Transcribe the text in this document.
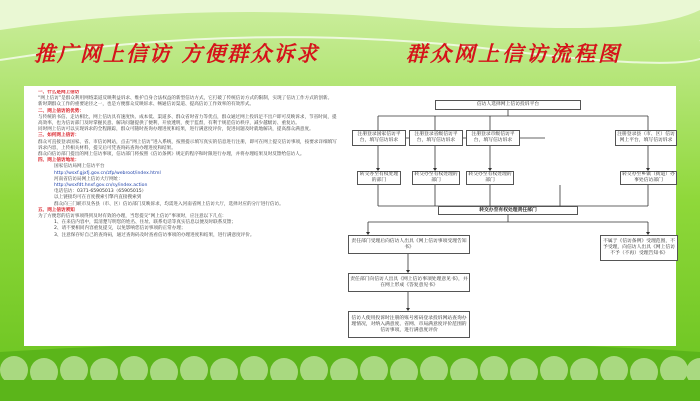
推广网上信访 方便群众诉求	群众网上信访流程图

一、什么是网上信访

“网上信访”是群众利用网络渠道反映利益诉求、维护自身合法权益的新型信访方式，它打破了传统信访方式的限制，实现了信访工作方式的创新。

新时期群众工作的重要途径之一，也是方便群众反映诉求、畅通信访渠道、提高信访工作效率的有效形式。

二、网上信访的优势：

与传统的书信、走访相比，网上信访具有速度快、成本低、渠道多、群众省时省力等优点，群众通过网上投诉足不出户即可反映诉求，节省时间，提高效率，也为信访部门及时掌握民意、解决问题提供了便利，开放透明，便于监督，有利于规范信访秩序，减少越级访、重复访。

同时网上信访可以实现诉求的全程跟踪，群众可随时查询办理进度和结果，进行满意度评价，促进问题及时就地解决，提高群众满意度。

三、如何网上信访：

群众可直接登录国家、省、市信访网站，点击“网上信访”进入系统，按照提示填写真实的信息进行注册，即可在网上提交信访事项，按要求详细填写诉求内容，上传相关材料，提交后可凭查询码查询办理进度和结果。

群众向信访部门提出的网上信访事项，信访部门将按照《信访条例》规定的程序和时限进行办理，并将办理结果及时反馈给信访人。

四、网上信访地址：

国家信访局网上信访平台

http://wsxf.gjxfj.gov.cn/zfp/webroot/index.html

河南省信访局网上信访大厅网址：

http://wsxfdt.hnxf.gov.cn/sy/index.action

电话信访：0371-65905013（65905015）

以上链接均可在百度搜索引擎内直接搜索到

群众向三门峡市及各县（市、区）信访部门反映诉求，均需进入河南省网上信访大厅，选择对应的分厅进行信访。

五、网上信访须知

为了方便您的信访事项得到及时有效的办理，当您提交“网上信访”事项时，应注意以下几点：

1、在来信内容中，需清楚写明您的姓名、住址、联系电话等真实信息以便及时联系反馈；

2、请不要相同内容重复提交，以免影响您信访事项的正常办理；

3、注意保存好自己的查询码，通过查询码及时查看信访事项的办理进度和结果，进行满意度评价。

信访人选择网上信访投诉平台
注册登录国家信访平台，填写信访诉求
注册登录省级信访平台，填写信访诉求
注册登录市级信访平台，填写信访诉求
注册登录县（市、区）信访网上平台，填写信访诉求
转交办至有权处理的部门
转交办至有权处理的部门
转交办至有权处理的部门
转交办至乡镇（街道）办事处信访部门
转交办至有权处理责任部门
责任部门受理后向信访人出具《网上信访事项受理告知书》
不属于《信访条例》受理范围，不予受理，向信访人出具《网上信访不予（不再）受理告知书》
责任部门向信访人出具《网上信访事项处理意见书》，并在网上形成《答复意见书》
信访人使用投诉时注册的账号密码登录投诉网站查询办理情况，对纳入满意度、省网、市局满意度评价范围的信访事项，进行满意度评价
